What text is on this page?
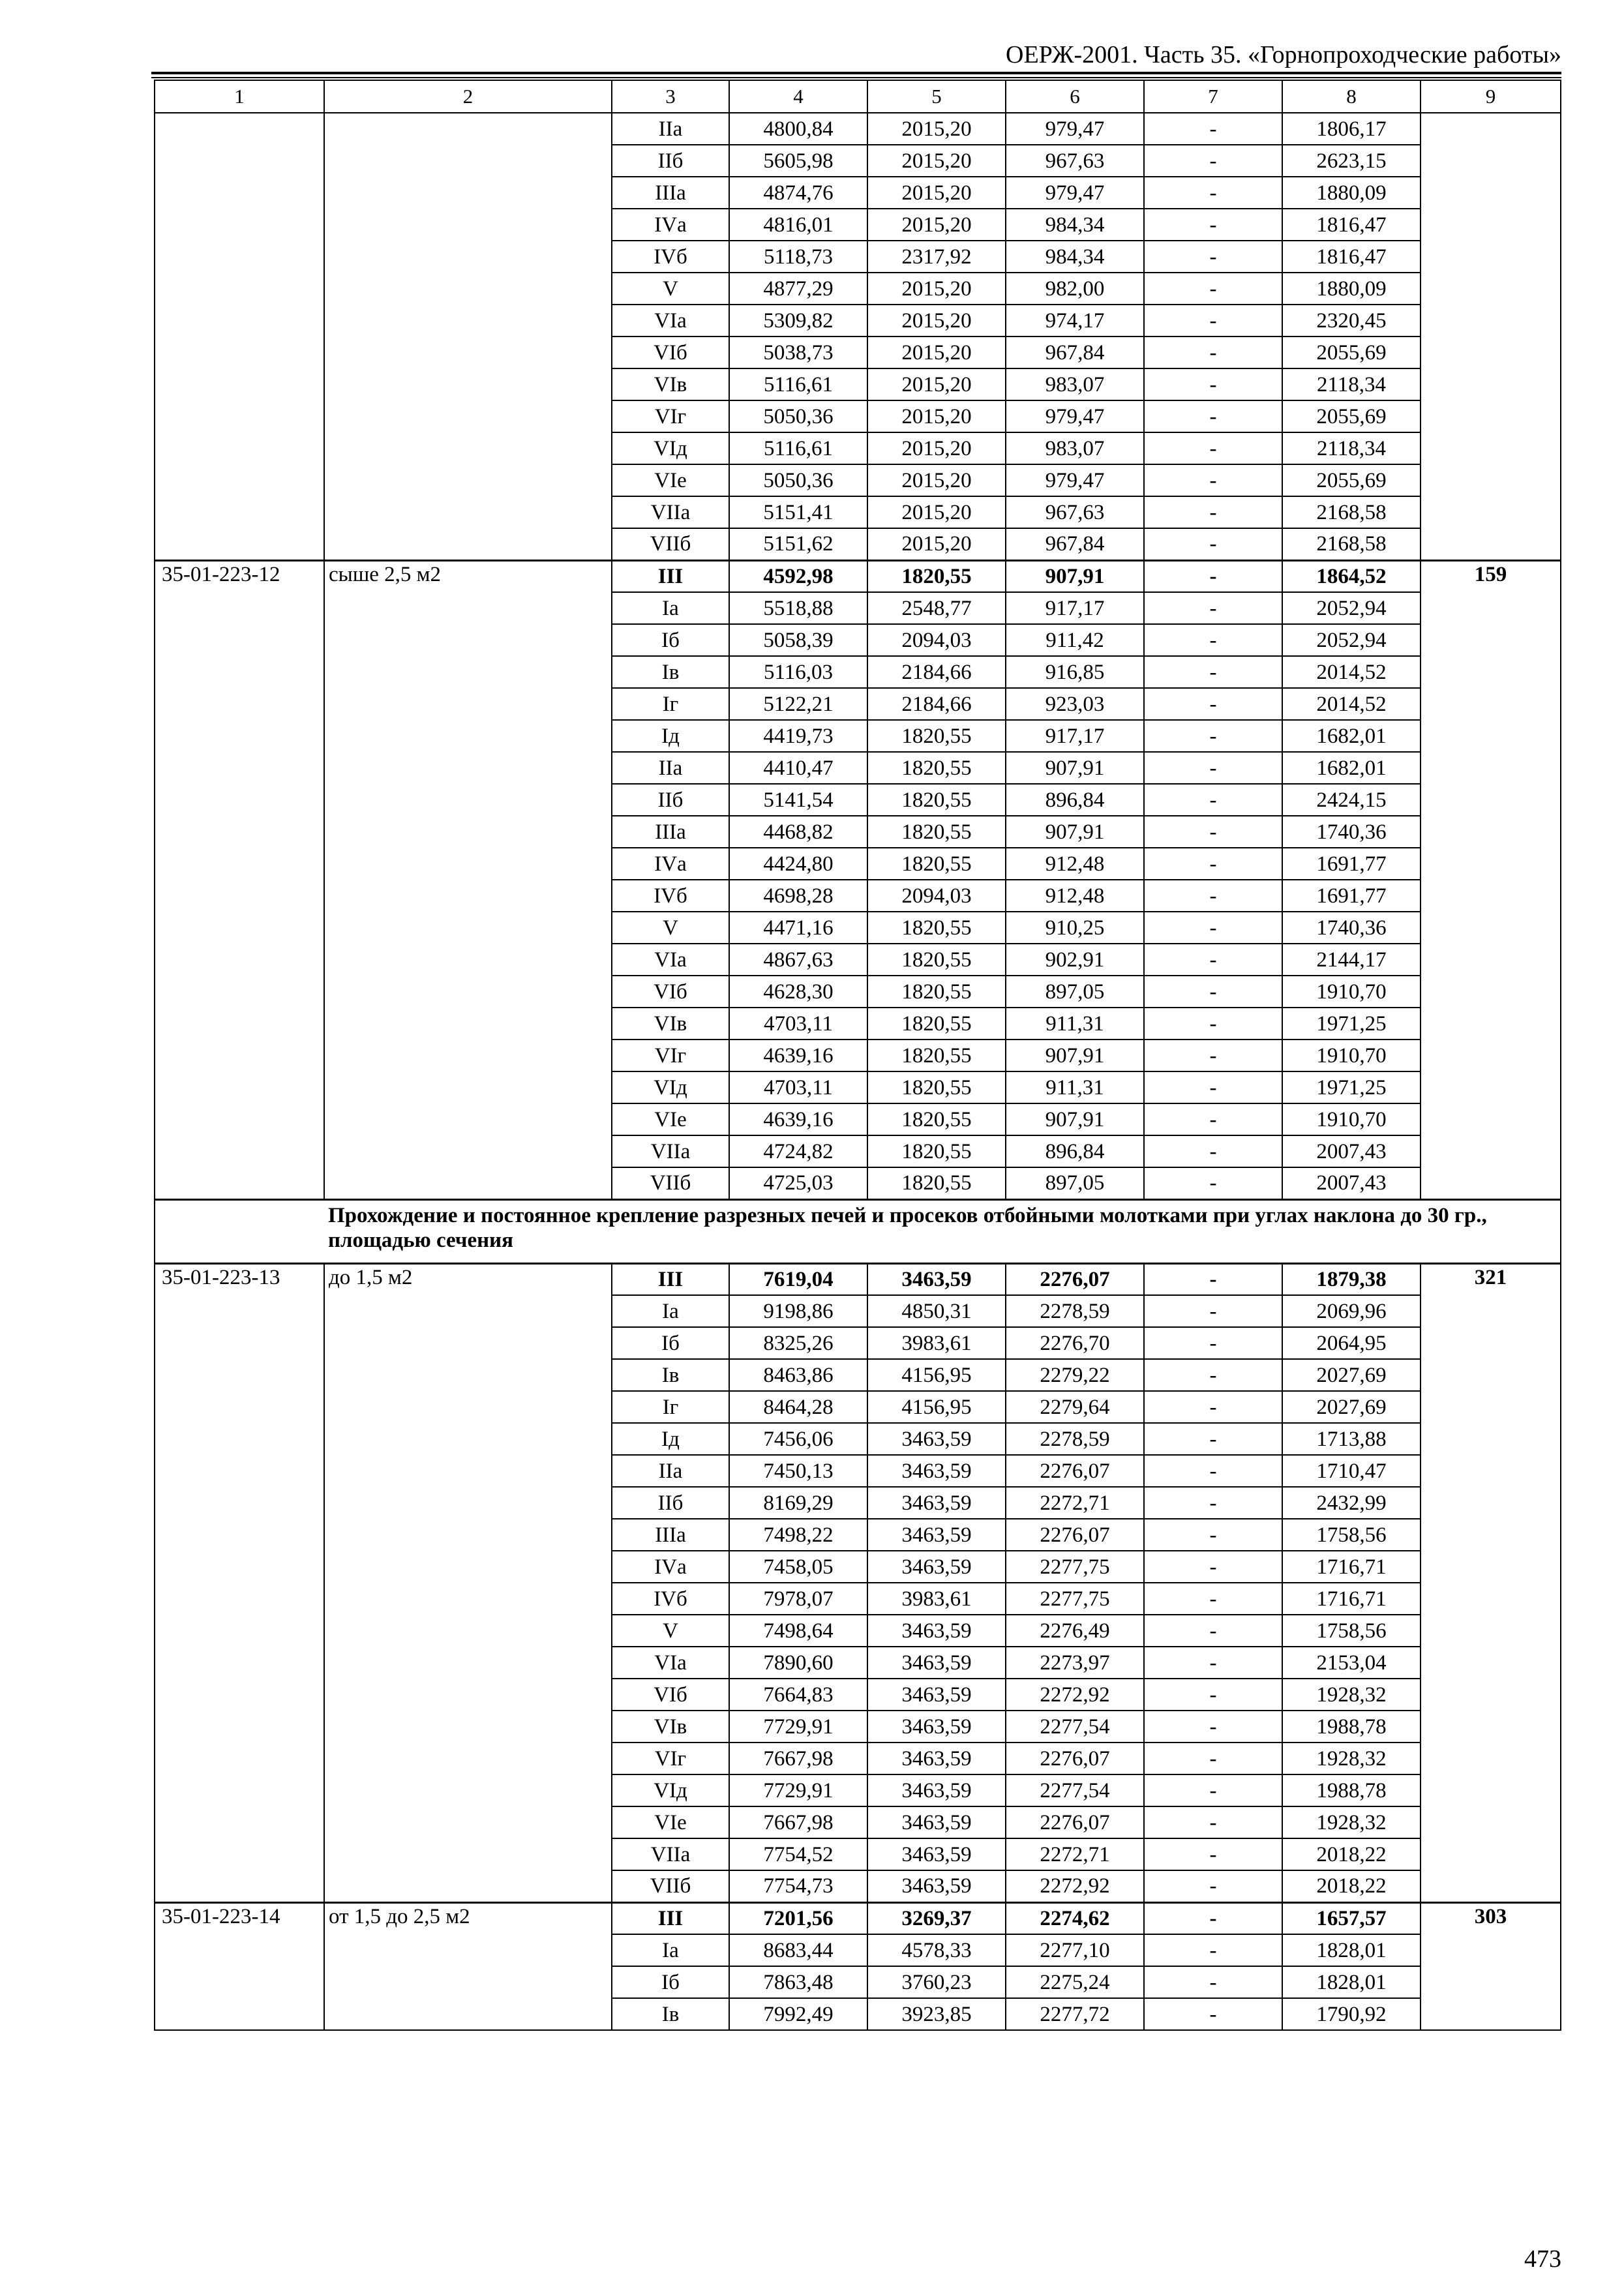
ОЕРЖ-2001. Часть 35. «Горнопроходческие работы»
1	2	3	4	5	6	7	8	9
		IIа	4800,84	2015,20	979,47	-	1806,17	
		IIб	5605,98	2015,20	967,63	-	2623,15	
		IIIа	4874,76	2015,20	979,47	-	1880,09	
		IVа	4816,01	2015,20	984,34	-	1816,47	
		IVб	5118,73	2317,92	984,34	-	1816,47	
		V	4877,29	2015,20	982,00	-	1880,09	
		VIа	5309,82	2015,20	974,17	-	2320,45	
		VIб	5038,73	2015,20	967,84	-	2055,69	
		VIв	5116,61	2015,20	983,07	-	2118,34	
		VIг	5050,36	2015,20	979,47	-	2055,69	
		VIд	5116,61	2015,20	983,07	-	2118,34	
		VIе	5050,36	2015,20	979,47	-	2055,69	
		VIIа	5151,41	2015,20	967,63	-	2168,58	
		VIIб	5151,62	2015,20	967,84	-	2168,58	
35-01-223-12	сыше 2,5 м2	III	4592,98	1820,55	907,91	-	1864,52	159
		Iа	5518,88	2548,77	917,17	-	2052,94	
		Iб	5058,39	2094,03	911,42	-	2052,94	
		Iв	5116,03	2184,66	916,85	-	2014,52	
		Iг	5122,21	2184,66	923,03	-	2014,52	
		Iд	4419,73	1820,55	917,17	-	1682,01	
		IIа	4410,47	1820,55	907,91	-	1682,01	
		IIб	5141,54	1820,55	896,84	-	2424,15	
		IIIа	4468,82	1820,55	907,91	-	1740,36	
		IVа	4424,80	1820,55	912,48	-	1691,77	
		IVб	4698,28	2094,03	912,48	-	1691,77	
		V	4471,16	1820,55	910,25	-	1740,36	
		VIа	4867,63	1820,55	902,91	-	2144,17	
		VIб	4628,30	1820,55	897,05	-	1910,70	
		VIв	4703,11	1820,55	911,31	-	1971,25	
		VIг	4639,16	1820,55	907,91	-	1910,70	
		VIд	4703,11	1820,55	911,31	-	1971,25	
		VIе	4639,16	1820,55	907,91	-	1910,70	
		VIIа	4724,82	1820,55	896,84	-	2007,43	
		VIIб	4725,03	1820,55	897,05	-	2007,43	
	Прохождение и постоянное крепление разрезных печей и просеков отбойными молотками при углах наклона до 30 гр., площадью сечения							
35-01-223-13	до 1,5 м2	III	7619,04	3463,59	2276,07	-	1879,38	321
		Iа	9198,86	4850,31	2278,59	-	2069,96	
		Iб	8325,26	3983,61	2276,70	-	2064,95	
		Iв	8463,86	4156,95	2279,22	-	2027,69	
		Iг	8464,28	4156,95	2279,64	-	2027,69	
		Iд	7456,06	3463,59	2278,59	-	1713,88	
		IIа	7450,13	3463,59	2276,07	-	1710,47	
		IIб	8169,29	3463,59	2272,71	-	2432,99	
		IIIа	7498,22	3463,59	2276,07	-	1758,56	
		IVа	7458,05	3463,59	2277,75	-	1716,71	
		IVб	7978,07	3983,61	2277,75	-	1716,71	
		V	7498,64	3463,59	2276,49	-	1758,56	
		VIа	7890,60	3463,59	2273,97	-	2153,04	
		VIб	7664,83	3463,59	2272,92	-	1928,32	
		VIв	7729,91	3463,59	2277,54	-	1988,78	
		VIг	7667,98	3463,59	2276,07	-	1928,32	
		VIд	7729,91	3463,59	2277,54	-	1988,78	
		VIе	7667,98	3463,59	2276,07	-	1928,32	
		VIIа	7754,52	3463,59	2272,71	-	2018,22	
		VIIб	7754,73	3463,59	2272,92	-	2018,22	
35-01-223-14	от 1,5 до 2,5 м2	III	7201,56	3269,37	2274,62	-	1657,57	303
		Iа	8683,44	4578,33	2277,10	-	1828,01	
		Iб	7863,48	3760,23	2275,24	-	1828,01	
		Iв	7992,49	3923,85	2277,72	-	1790,92	
473
